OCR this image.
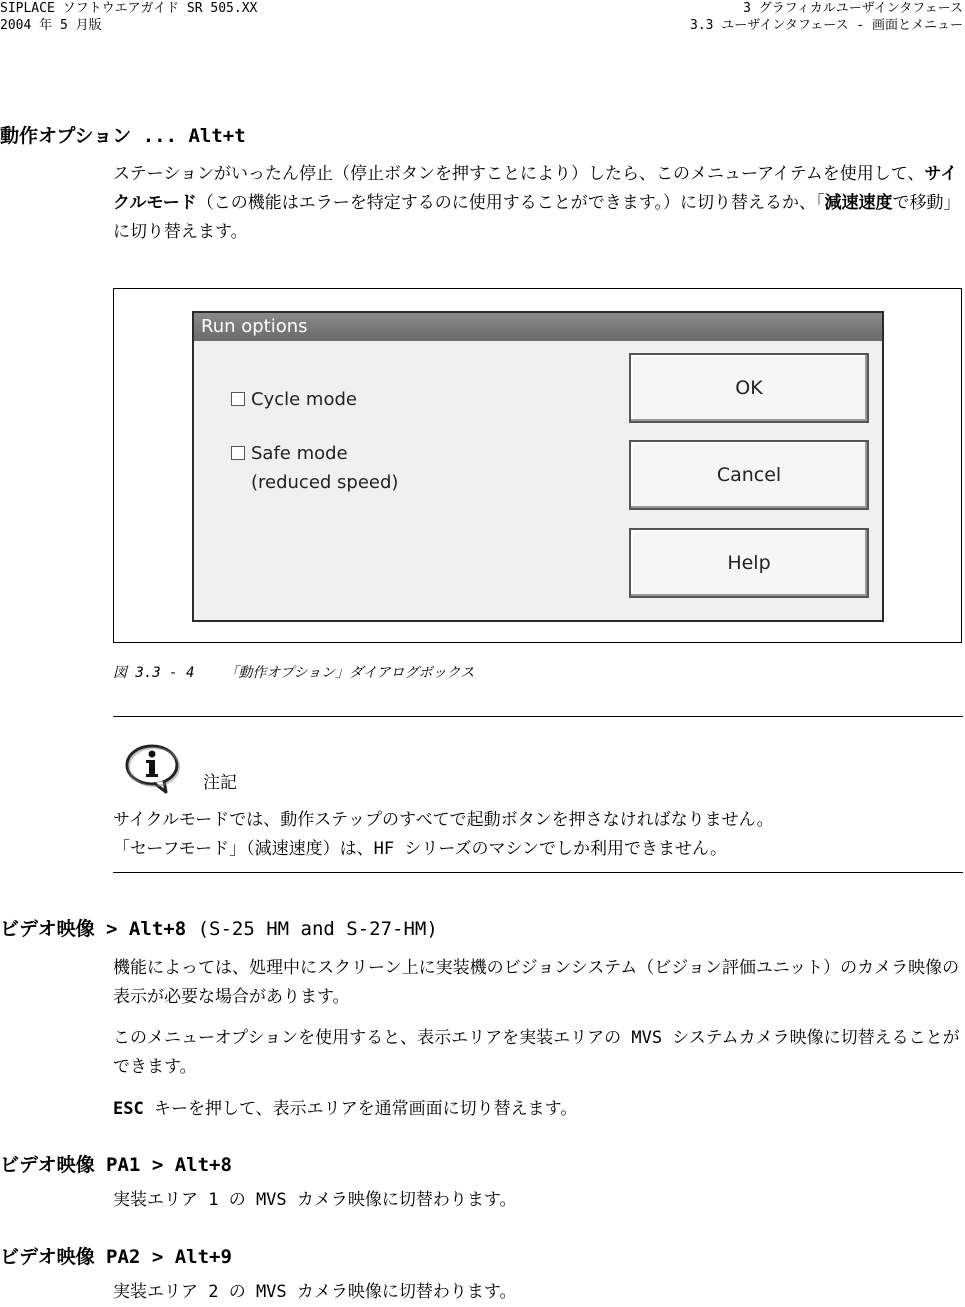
SIPLACE ソフトウエアガイド SR 505.XX
2004 年 5 月版
3 グラフィカルユーザインタフェース
3.3 ユーザインタフェース - 画面とメニュー
動作オプション ... Alt+t
ステーションがいったん停止（停止ボタンを押すことにより）したら、このメニューアイテムを使用して、サイクルモード（この機能はエラーを特定するのに使用することができます。）に切り替えるか、「減速速度で移動」に切り替えます。
Run options
Cycle mode
Safe mode
(reduced speed)
OK
Cancel
Help
図 3.3 - 4 「動作オプション」ダイアログボックス
注記
サイクルモードでは、動作ステップのすべてで起動ボタンを押さなければなりません。
「セーフモード」（減速速度）は、HF シリーズのマシンでしか利用できません。
ビデオ映像 > Alt+8 (S-25 HM and S-27-HM)
機能によっては、処理中にスクリーン上に実装機のビジョンシステム（ビジョン評価ユニット）のカメラ映像の表示が必要な場合があります。
このメニューオプションを使用すると、表示エリアを実装エリアの MVS システムカメラ映像に切替えることができます。
ESC キーを押して、表示エリアを通常画面に切り替えます。
ビデオ映像 PA1 > Alt+8
実装エリア 1 の MVS カメラ映像に切替わります。
ビデオ映像 PA2 > Alt+9
実装エリア 2 の MVS カメラ映像に切替わります。
